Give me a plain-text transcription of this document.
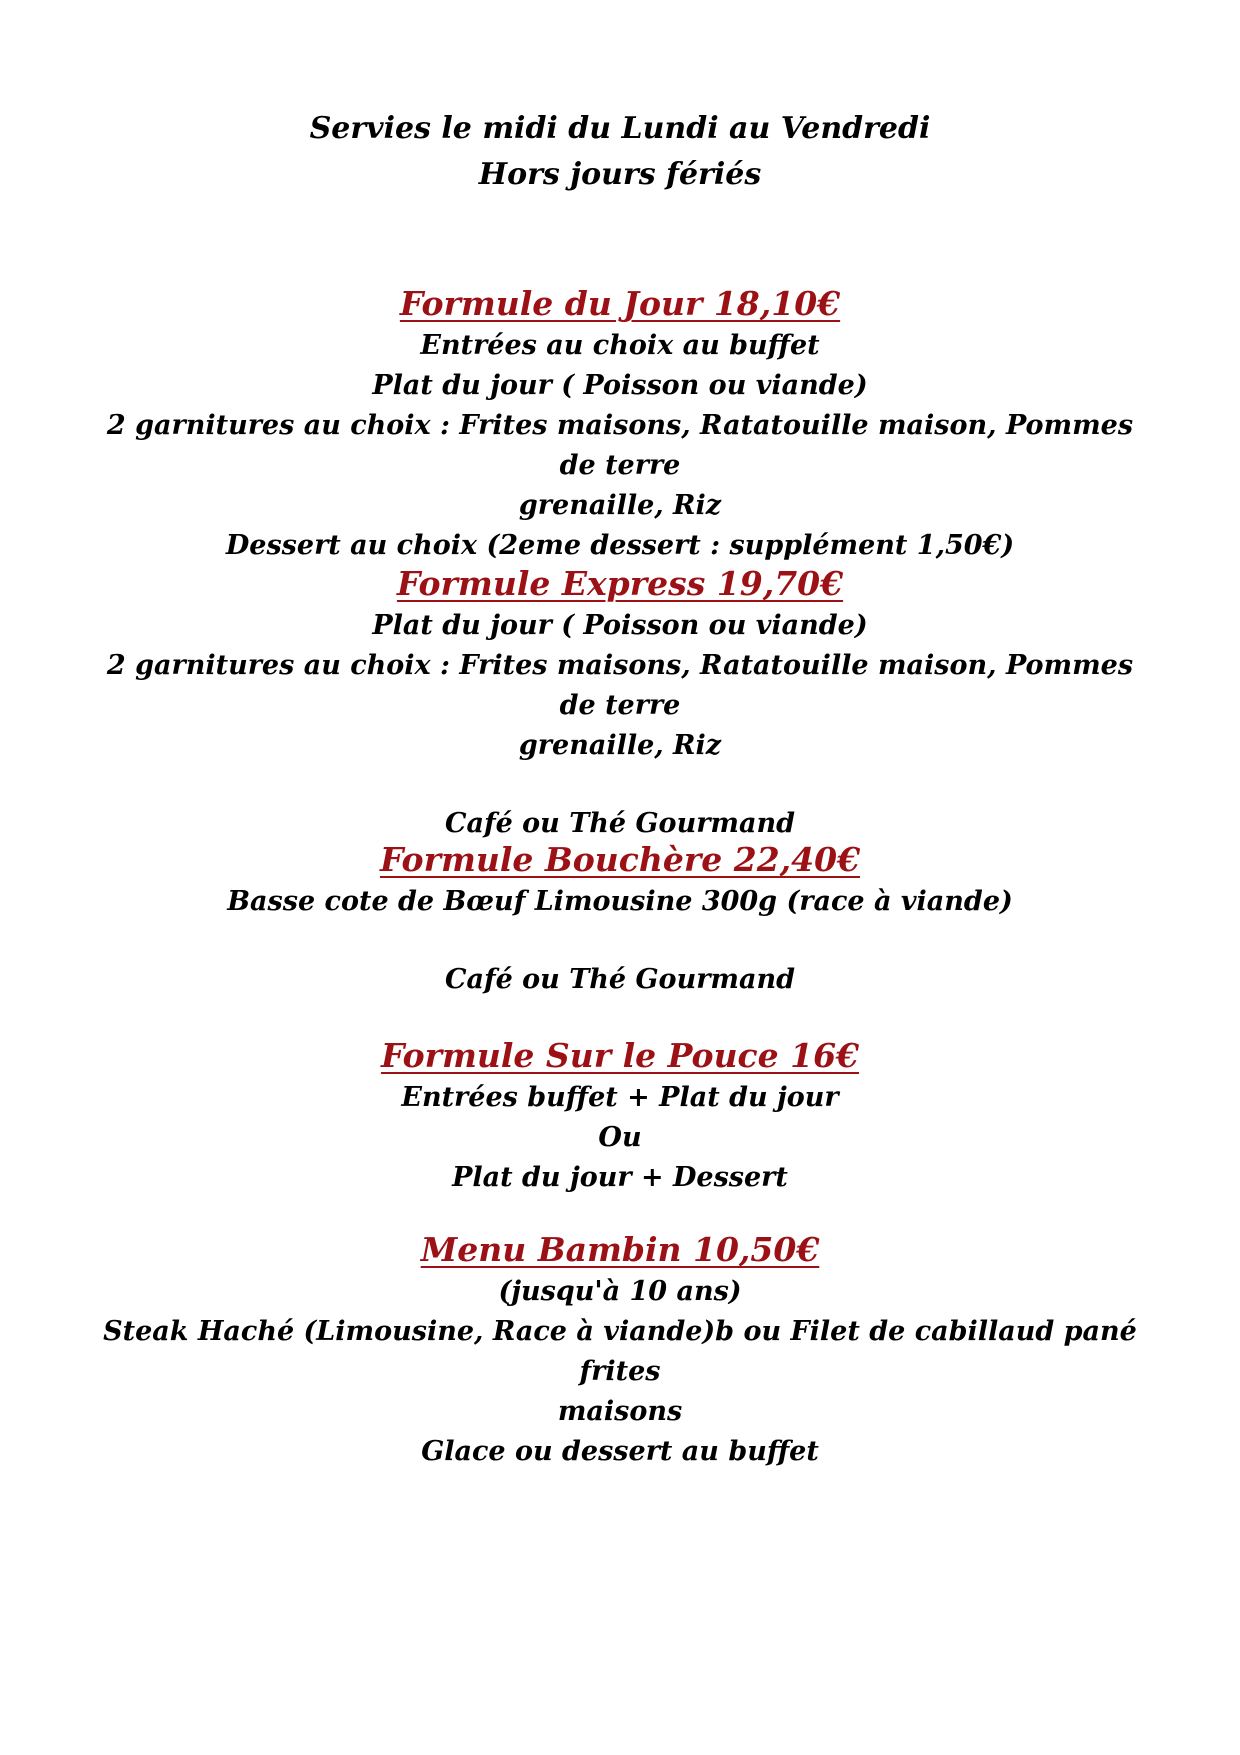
Servies le midi du Lundi au Vendredi
Hors jours fériés
Formule du Jour 18,10€
Entrées au choix au buffet
Plat du jour ( Poisson ou viande)
2 garnitures au choix : Frites maisons, Ratatouille maison, Pommes de terre
grenaille, Riz
Dessert au choix (2eme dessert : supplément 1,50€)
Formule Express 19,70€
Plat du jour ( Poisson ou viande)
2 garnitures au choix : Frites maisons, Ratatouille maison, Pommes de terre
grenaille, Riz
Café ou Thé Gourmand
Formule Bouchère 22,40€
Basse cote de Bœuf Limousine 300g (race à viande)
Café ou Thé Gourmand
Formule Sur le Pouce 16€
Entrées buffet + Plat du jour
Ou
Plat du jour + Dessert
Menu Bambin 10,50€
(jusqu'à 10 ans)
Steak Haché (Limousine, Race à viande)b ou Filet de cabillaud pané frites
maisons
Glace ou dessert au buffet
